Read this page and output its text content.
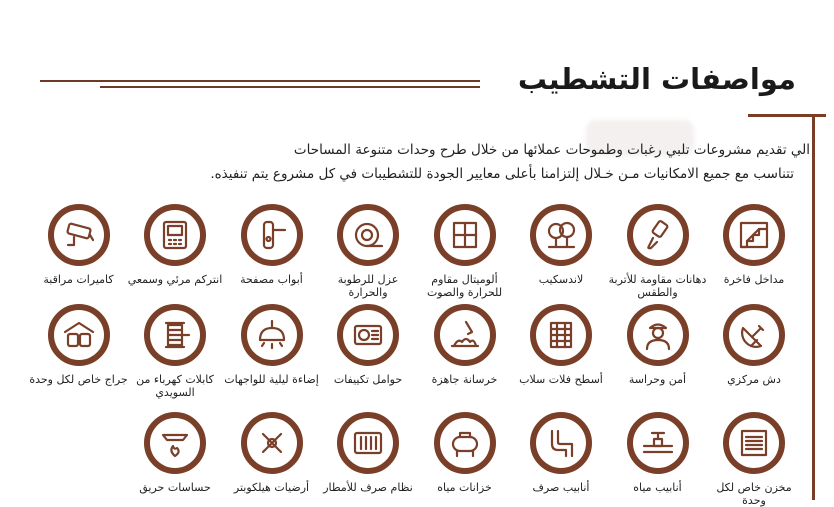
مواصفات التشطيب
الي تقديم مشروعات تلبي رغبات وطموحات عملائها من خلال طرح وحدات متنوعة المساحات
تتناسب مع جميع الامكانيات مـن خـلال إلتزامنا بأعلى معايير الجودة للتشطيبات في كل مشروع يتم تنفيذه.
مداخل فاخرة
دهانات مقاومة للأتربة والطقس
لاندسكيب
ألوميتال مقاوم للحرارة والصوت
عزل للرطوبة والحرارة
أبواب مصفحة
انتركم مرئي وسمعي
كاميرات مراقبة
دش مركزي
أمن وحراسة
أسطح فلات سلاب
خرسانة جاهزة
حوامل تكييفات
إضاءة ليلية للواجهات
كابلات كهرباء من السويدي
جراج خاص لكل وحدة
مخزن خاص لكل وحدة
أنابيب مياه
أنابيب صرف
خزانات مياه
نظام صرف للأمطار
أرضيات هيلكوبتر
حساسات حريق
